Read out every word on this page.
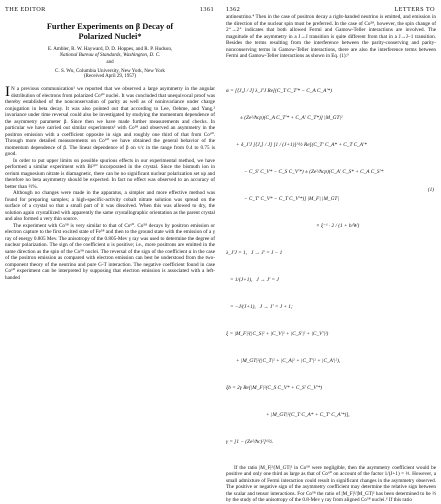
THE EDITOR	1361
Further Experiments on β Decay of
Polarized Nuclei*
E. Ambler, R. W. Hayward, D. D. Hoppes, and R. P. Hudson,
National Bureau of Standards, Washington, D. C.
and
C. S. Wu, Columbia University, New York, New York
(Received April 29, 1957)

I N a previous communication¹ we reported that we observed a large asymmetry in the angular distribution of electrons from polarized Co⁶⁰ nuclei. It was concluded that unequivocal proof was thereby established of the nonconservation of parity as well as of noninvariance under charge conjugation in beta decay. It was also pointed out that according to Lee, Oehme, and Yang,² invariance under time reversal could also be investigated by studying the momentum dependence of the asymmetry parameter β. Since then we have made further measurements and checks. In particular we have carried out similar experiments³ with Co⁵⁸ and observed an asymmetry in the positron emission with a coefficient opposite in sign and roughly one third of that from Co⁶⁰. Through more detailed measurements on Co⁶⁰ we have obtained the general behavior of the momentum dependence of β. The linear dependence of β on v/c in the range from 0.4 to 0.75 is good.

In order to put upper limits on possible spurious effects in our experimental method, we have performed a similar experiment with Bi²¹⁰ incorporated in the crystal. Since the bismuth ion in cerium magnesium nitrate is diamagnetic, there can be no significant nuclear polarization set up and therefore no beta asymmetry should be expected. In fact no effect was observed to an accuracy of better than ½%.

Although no changes were made in the apparatus, a simpler and more effective method was found for preparing samples; a high-specific-activity cobalt nitrate solution was spread on the surface of a crystal so that a small part of it was dissolved. When this was allowed to dry, the solution again crystallized with apparently the same crystallographic orientation as the parent crystal and also formed a very thin source.

The experiment with Co⁵⁸ is very similar to that of Co⁶⁰. Co⁵⁸ decays by positron emission or electron capture to the first excited state of Fe⁵⁸ and then to the ground state with the emission of a γ ray of energy 0.805 Mev. The anisotropy of the 0.805-Mev γ ray was used to determine the degree of nuclear polarization. The sign of the coefficient α is positive; i.e., more positrons are emitted in the same direction as the spin of the Co⁵⁸ nuclei. The reversal of the sign of the coefficient α in the case of the positron emission as compared with electron emission can best be understood from the two-component theory of the neutrino and pure G-T interaction. The negative coefficient found in case Co⁶⁰ experiment can be interpreted by supposing that electron emission is associated with a left-handed

1362	LETTERS TO

antineutrino.⁴ Then in the case of positron decay a right-handed neutrino is emitted, and emission in the direction of the nuclear spin must be preferred. In the case of Co⁵⁸, however, the spin change of 2⁺→2⁺ indicates that both allowed Fermi and Gamow-Teller interactions are involved. The magnitude of the asymmetry in a J→J transition is quite different from that in a J→J−1 transition. Besides the terms resulting from the interference between the parity-conserving and parity-nonconserving terms in Gamow-Teller interactions, there are also the interference terms between Fermi and Gamow-Teller interactions as shown in Eq. (1):⁵

(1)

α = [⟨J₂⟩ / J] λ_J′J Re[(C_T C_T′* − C_A C_A′*)

± (Ze²/ħcp)(C_A C_T′* + C_A′ C_T*)] |M_GT|²

+ δ_J′J [⟨J₂⟩ / J] [1 / (J+1)]^½ Re[(C_T′ C_A* + C_T C_A′*

− C_S′ C_V* − C_S C_V′*) ± (Ze²/ħcp)(C_A′ C_S* + C_A C_S′*

− C_T′ C_V* − C_T C_V′*)] |M_F| |M_GT|

× ξ⁻¹ · 2 / (1 + b/W)

λ_J′J = 1,   J → J′ = J − 1

= 1/(J+1),   J → J′ = J

= −J/(J+1),   J → J′ = J + 1;

ξ = |M_F|²(|C_S|² + |C_V|² + |C_S′|² + |C_V′|²)

+ |M_GT|²(|C_T|² + |C_A|² + |C_T′|² + |C_A′|²),

ξb = 2γ Re[|M_F|²(C_S C_V* + C_S′ C_V′*)

+ |M_GT|²(C_T C_A* + C_T′ C_A′*)],

γ = [1 − (Ze²/ħc)²]^½.

If the ratio |M_F|²/|M_GT|² in Co⁵⁸ were negligible, then the asymmetry coefficient would be positive and only one third as large as that of Co⁶⁰ on account of the factor 1/(J+1) = ⅓. However, a small admixture of Fermi interaction could result in significant changes in the asymmetry observed. The positive or negative sign of the asymmetry coefficient may determine the relative sign between the scalar and tensor interactions. For Co⁵⁸ the ratio of |M_F|²/|M_GT|² has been determined to be ⅔ by the study of the anisotropy of the 0.8-Mev γ ray from aligned Co⁵⁸ nuclei.⁶ If this ratio
